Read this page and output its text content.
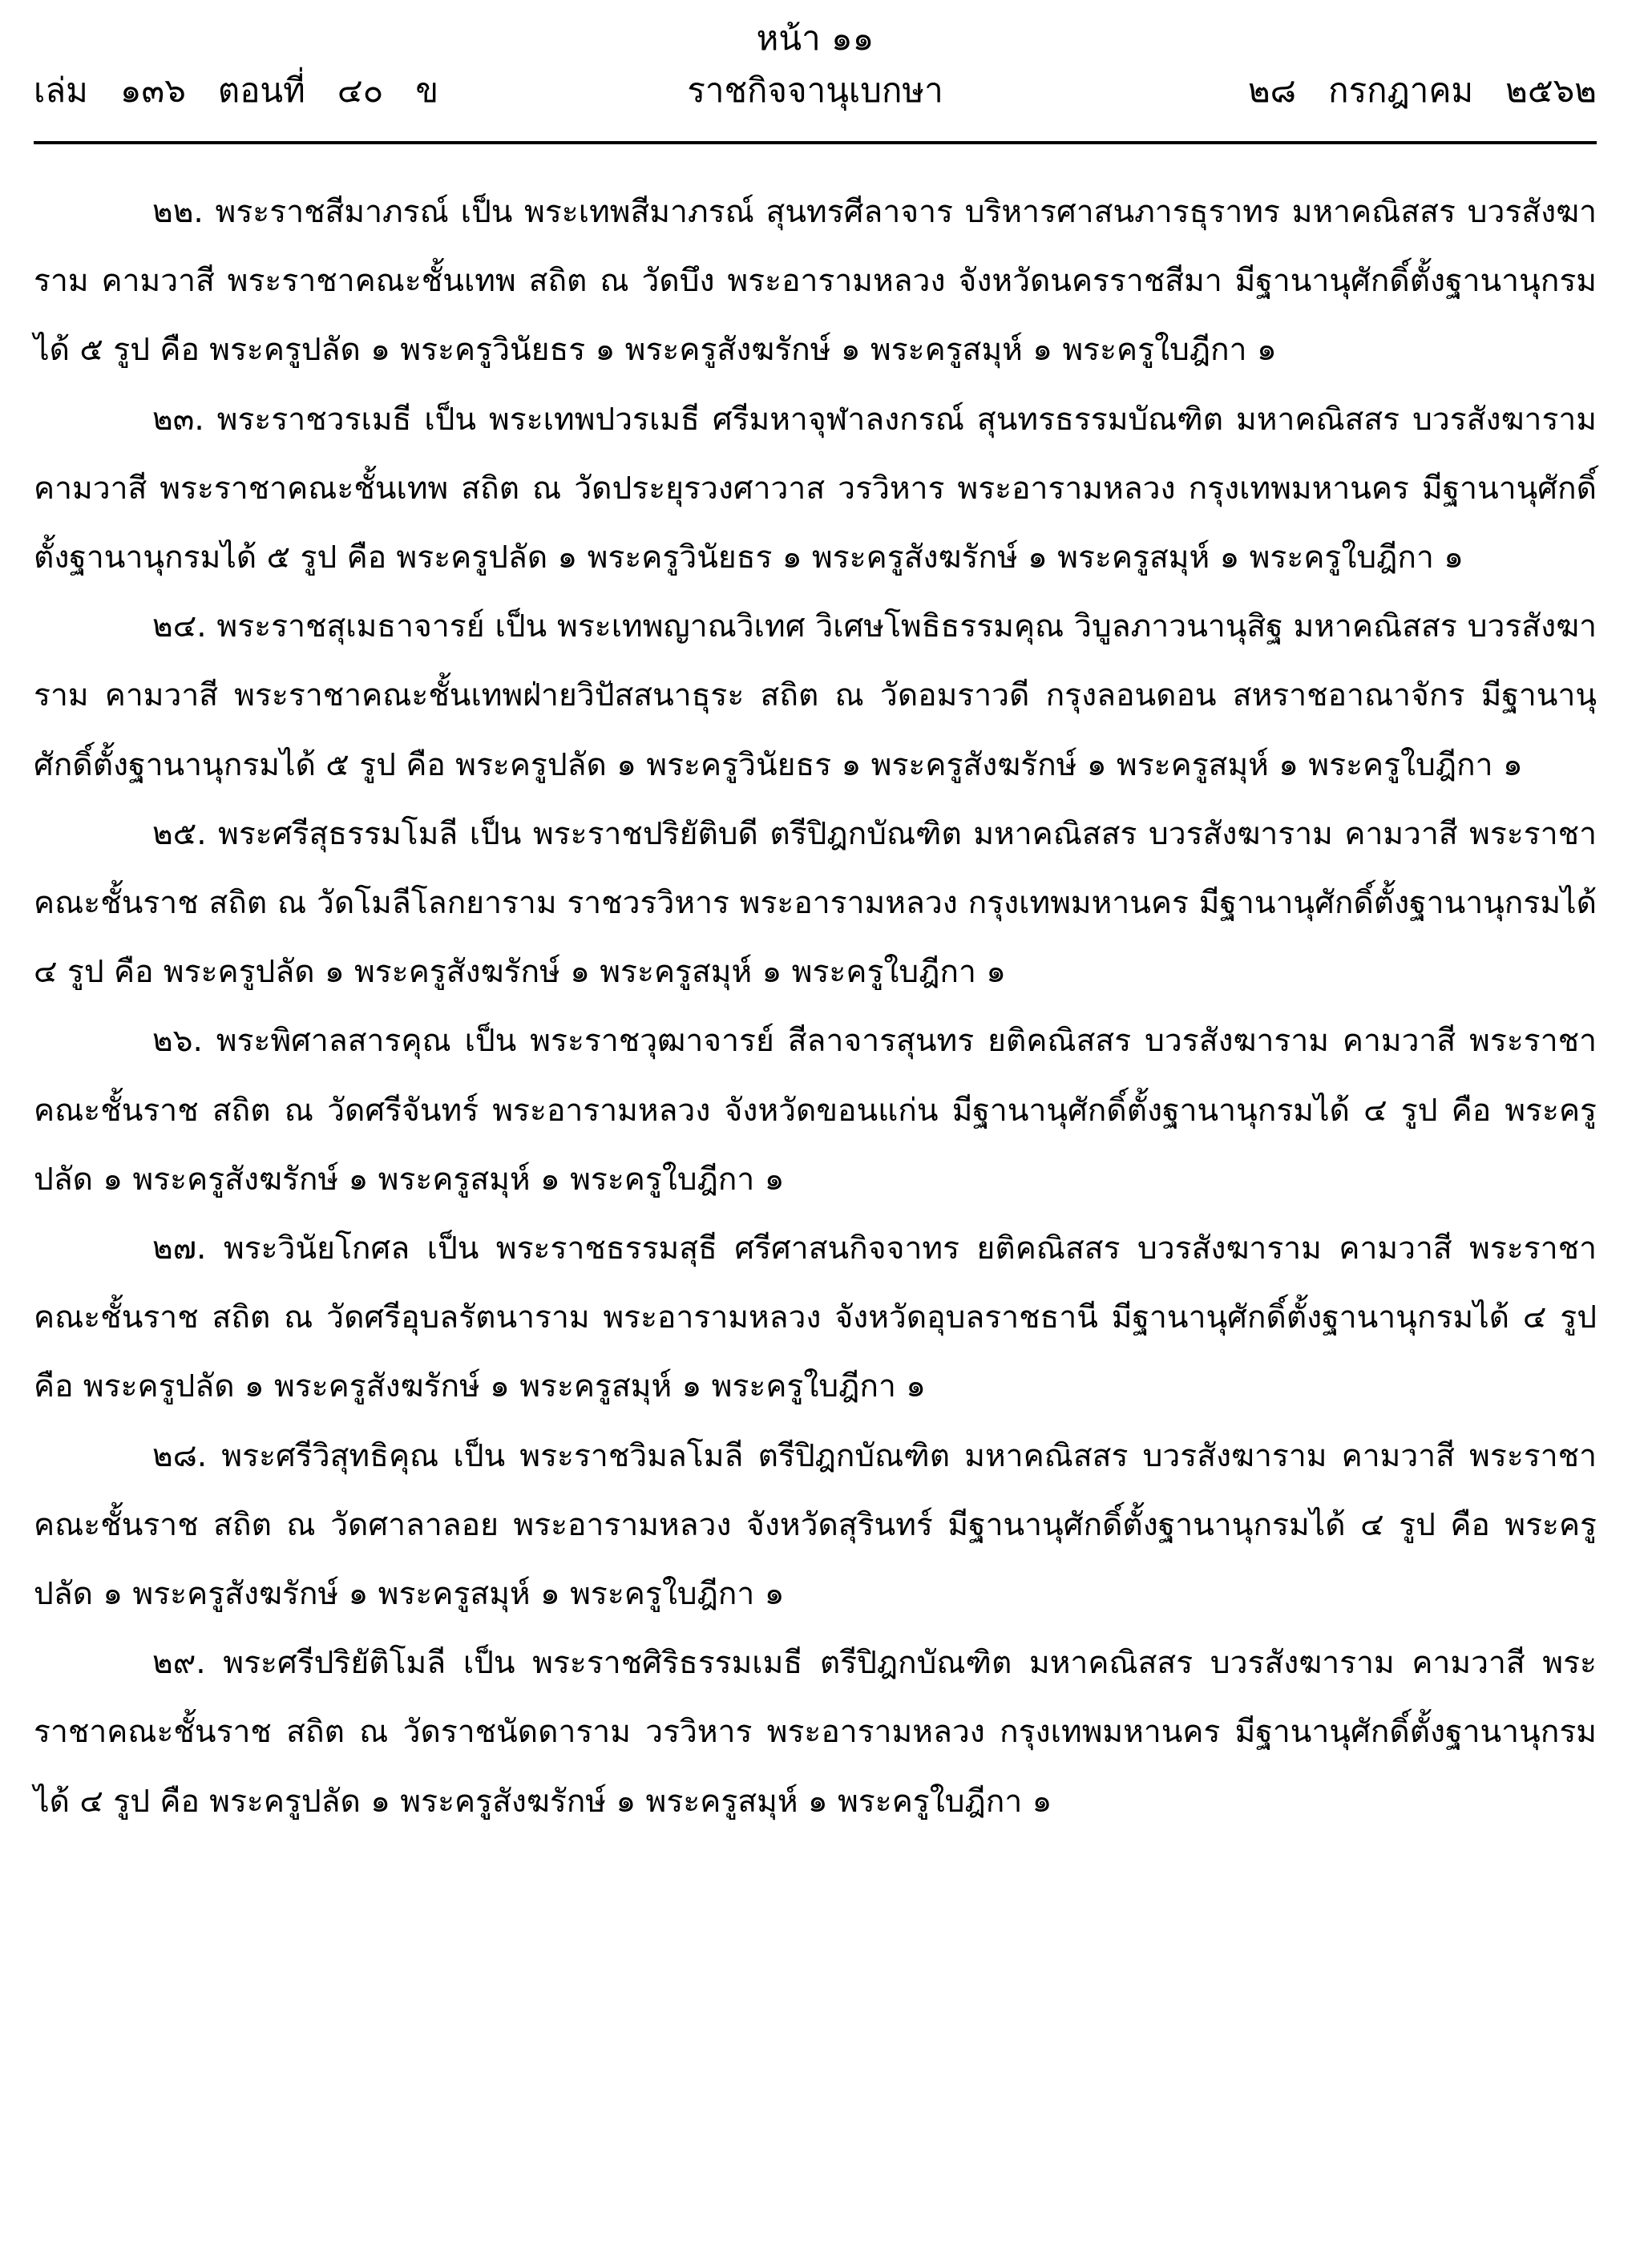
หน้า ๑๑
เล่ม   ๑๓๖   ตอนที่   ๔๐   ข	ราชกิจจานุเบกษา	๒๘   กรกฎาคม   ๒๕๖๒

๒๒. พระราชสีมาภรณ์ เป็น พระเทพสีมาภรณ์ สุนทรศีลาจาร บริหารศาสนภารธุราทร มหาคณิสสร บวรสังฆาราม คามวาสี พระราชาคณะชั้นเทพ สถิต ณ วัดบึง พระอารามหลวง จังหวัดนครราชสีมา มีฐานานุศักดิ์ตั้งฐานานุกรมได้ ๕ รูป คือ พระครูปลัด ๑ พระครูวินัยธร ๑ พระครูสังฆรักษ์ ๑ พระครูสมุห์ ๑ พระครูใบฎีกา ๑

๒๓. พระราชวรเมธี เป็น พระเทพปวรเมธี ศรีมหาจุฬาลงกรณ์ สุนทรธรรมบัณฑิต มหาคณิสสร บวรสังฆาราม คามวาสี พระราชาคณะชั้นเทพ สถิต ณ วัดประยุรวงศาวาส วรวิหาร พระอารามหลวง กรุงเทพมหานคร มีฐานานุศักดิ์ตั้งฐานานุกรมได้ ๕ รูป คือ พระครูปลัด ๑ พระครูวินัยธร ๑ พระครูสังฆรักษ์ ๑ พระครูสมุห์ ๑ พระครูใบฎีกา ๑

๒๔. พระราชสุเมธาจารย์ เป็น พระเทพญาณวิเทศ วิเศษโพธิธรรมคุณ วิบูลภาวนานุสิฐ มหาคณิสสร บวรสังฆาราม คามวาสี พระราชาคณะชั้นเทพฝ่ายวิปัสสนาธุระ สถิต ณ วัดอมราวดี กรุงลอนดอน สหราชอาณาจักร มีฐานานุศักดิ์ตั้งฐานานุกรมได้ ๕ รูป คือ พระครูปลัด ๑ พระครูวินัยธร ๑ พระครูสังฆรักษ์ ๑ พระครูสมุห์ ๑ พระครูใบฎีกา ๑

๒๕. พระศรีสุธรรมโมลี เป็น พระราชปริยัติบดี ตรีปิฎกบัณฑิต มหาคณิสสร บวรสังฆาราม คามวาสี พระราชาคณะชั้นราช สถิต ณ วัดโมลีโลกยาราม ราชวรวิหาร พระอารามหลวง กรุงเทพมหานคร มีฐานานุศักดิ์ตั้งฐานานุกรมได้ ๔ รูป คือ พระครูปลัด ๑ พระครูสังฆรักษ์ ๑ พระครูสมุห์ ๑ พระครูใบฎีกา ๑

๒๖. พระพิศาลสารคุณ เป็น พระราชวุฒาจารย์ สีลาจารสุนทร ยติคณิสสร บวรสังฆาราม คามวาสี พระราชาคณะชั้นราช สถิต ณ วัดศรีจันทร์ พระอารามหลวง จังหวัดขอนแก่น มีฐานานุศักดิ์ตั้งฐานานุกรมได้ ๔ รูป คือ พระครูปลัด ๑ พระครูสังฆรักษ์ ๑ พระครูสมุห์ ๑ พระครูใบฎีกา ๑

๒๗. พระวินัยโกศล เป็น พระราชธรรมสุธี ศรีศาสนกิจจาทร ยติคณิสสร บวรสังฆาราม คามวาสี พระราชาคณะชั้นราช สถิต ณ วัดศรีอุบลรัตนาราม พระอารามหลวง จังหวัดอุบลราชธานี มีฐานานุศักดิ์ตั้งฐานานุกรมได้ ๔ รูป คือ พระครูปลัด ๑ พระครูสังฆรักษ์ ๑ พระครูสมุห์ ๑ พระครูใบฎีกา ๑

๒๘. พระศรีวิสุทธิคุณ เป็น พระราชวิมลโมลี ตรีปิฎกบัณฑิต มหาคณิสสร บวรสังฆาราม คามวาสี พระราชาคณะชั้นราช สถิต ณ วัดศาลาลอย พระอารามหลวง จังหวัดสุรินทร์ มีฐานานุศักดิ์ตั้งฐานานุกรมได้ ๔ รูป คือ พระครูปลัด ๑ พระครูสังฆรักษ์ ๑ พระครูสมุห์ ๑ พระครูใบฎีกา ๑

๒๙. พระศรีปริยัติโมลี เป็น พระราชศิริธรรมเมธี ตรีปิฎกบัณฑิต มหาคณิสสร บวรสังฆาราม คามวาสี พระราชาคณะชั้นราช สถิต ณ วัดราชนัดดาราม วรวิหาร พระอารามหลวง กรุงเทพมหานคร มีฐานานุศักดิ์ตั้งฐานานุกรมได้ ๔ รูป คือ พระครูปลัด ๑ พระครูสังฆรักษ์ ๑ พระครูสมุห์ ๑ พระครูใบฎีกา ๑
